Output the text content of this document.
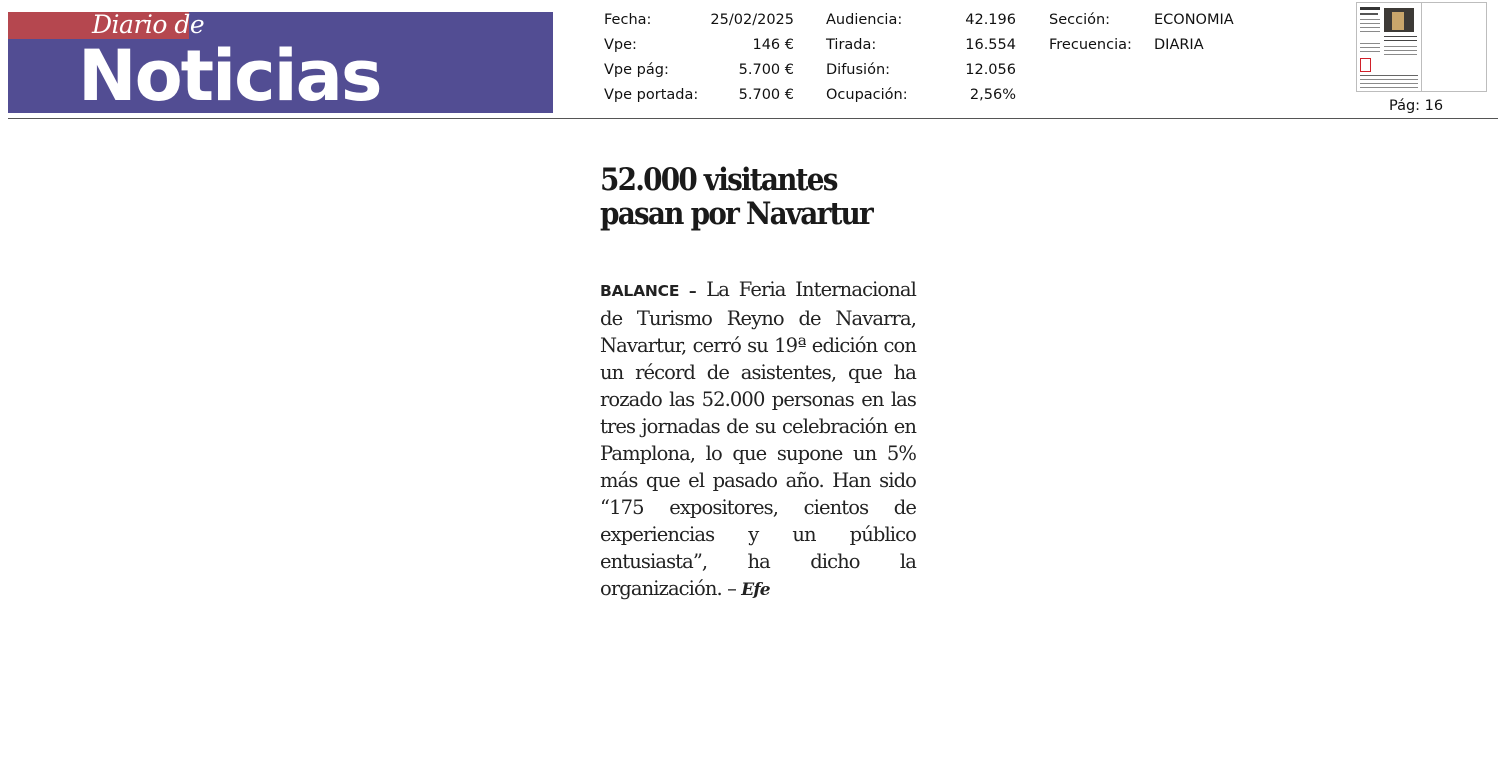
Diario de
Noticias
Fecha:	25/02/2025
Vpe:	146 €
Vpe pág:	5.700 €
Vpe portada:	5.700 €
Audiencia:	42.196
Tirada:	16.554
Difusión:	12.056
Ocupación:	2,56%
Sección:	ECONOMIA
Frecuencia: DIARIA
Pág: 16
52.000 visitantes
pasan por Navartur
BALANCE – La Feria Internacional de Turismo Reyno de Navarra, Navartur, cerró su 19ª edición con un récord de asistentes, que ha rozado las 52.000 personas en las tres jornadas de su celebración en Pamplona, lo que supone un 5% más que el pasado año. Han sido “175 expositores, cientos de experiencias y un público entusiasta”, ha dicho la organización. – Efe
